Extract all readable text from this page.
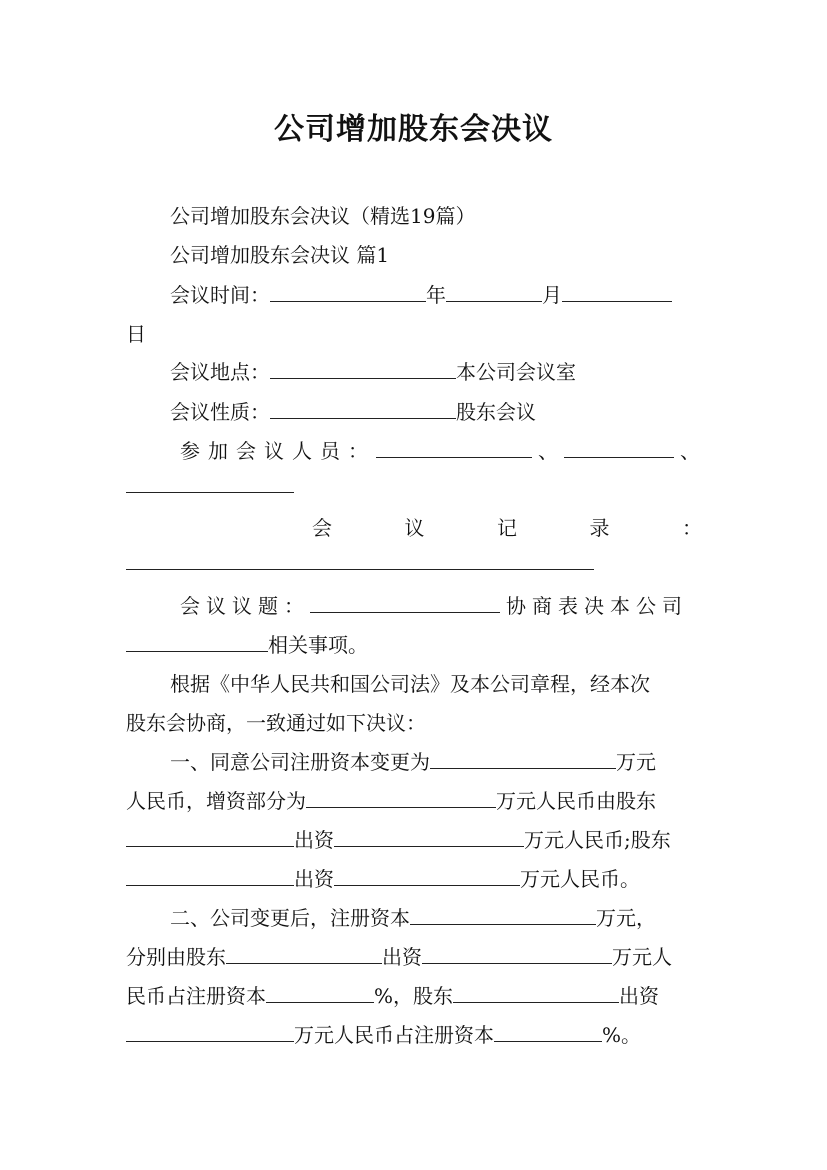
公司增加股东会决议
公司增加股东会决议（精选19篇）
公司增加股东会决议 篇1
会议时间：	年	月
日
会议地点：	本公司会议室
会议性质：	股东会议
参加会议人员：	、	、
会	议	记	录	：
会议议题：	协商表决本公司
相关事项。
根据《中华人民共和国公司法》及本公司章程，经本次
股东会协商，一致通过如下决议：
一、同意公司注册资本变更为	万元
人民币，增资部分为	万元人民币由股东
出资	万元人民币;股东
出资	万元人民币。
二、公司变更后，注册资本	万元，
分别由股东	出资	万元人
民币占注册资本	%，股东	出资
万元人民币占注册资本	%。
